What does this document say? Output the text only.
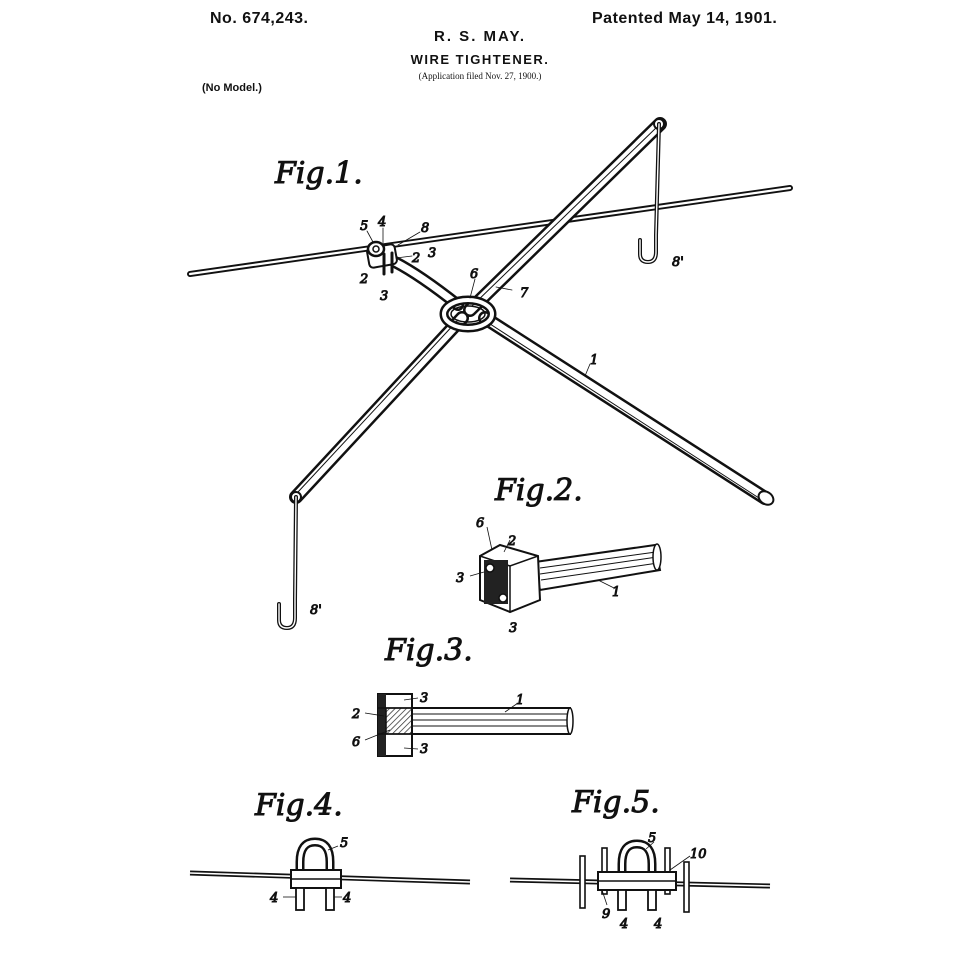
No. 674,243.	Patented May 14, 1901.
R. S. MAY.
WIRE TIGHTENER.
(Application filed Nov. 27, 1900.)
(No Model.)
Fig.1.
5 4	8
2 3
2
3
6
7
1
8'
8'
Fig.2.
6
2
3
3
1
Fig.3.
3
2
6	3
1
Fig.4.
5
4	4
Fig.5.
5
10
9
4 4
